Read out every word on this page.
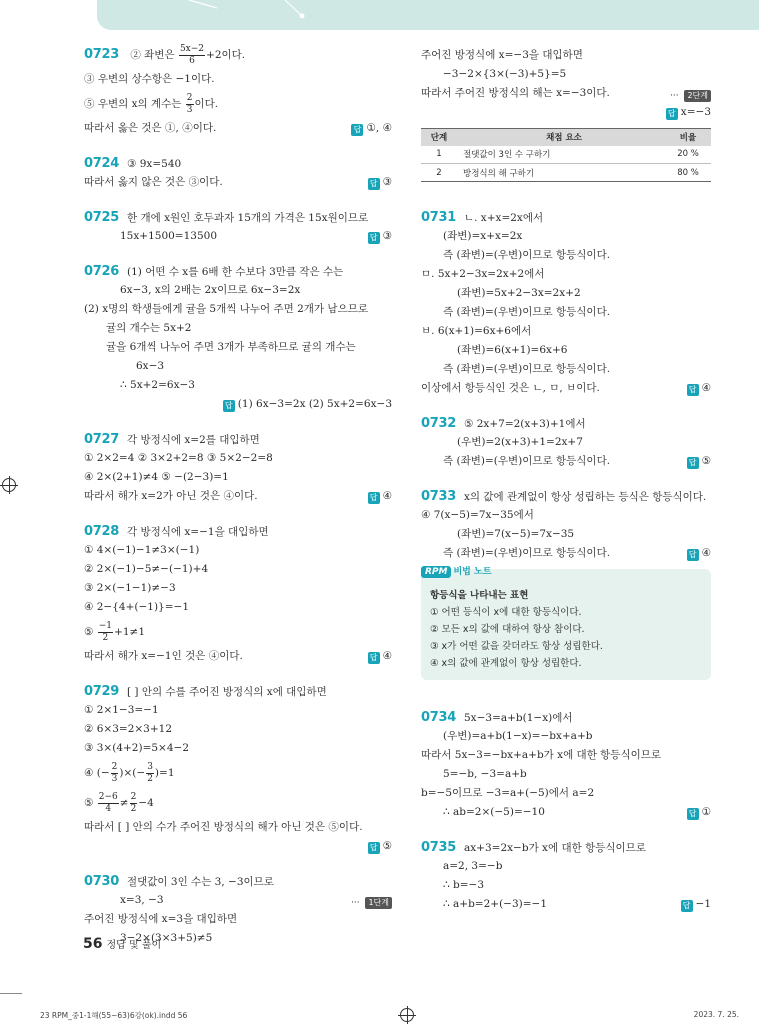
0723 ② 좌변은 $\frac{5x-2}{6} +2$이다.
③ 우변의 상수항은 −1이다.
⑤ 우변의 x의 계수는 $\frac{2}{3}$ 이다.
따라서 옳은 것은 ①, ④이다.	답 ①, ④
0724 ③ 9x=540
따라서 옳지 않은 것은 ③이다.	답 ③
0725 한 개에 x원인 호두과자 15개의 가격은 15x원이므로
15x+1500=13500	답 ③
0726 (1) 어떤 수 x를 6배 한 수보다 3만큼 작은 수는
6x−3, x의 2배는 2x이므로 6x−3=2x
(2) x명의 학생들에게 귤을 5개씩 나누어 주면 2개가 남으므로
귤의 개수는 5x+2
귤을 6개씩 나누어 주면 3개가 부족하므로 귤의 개수는
6x−3
∴ 5x+2=6x−3
답 (1) 6x−3=2x (2) 5x+2=6x−3
0727 각 방정식에 x=2를 대입하면
① 2×2=4 ② 3×2+2=8 ③ 5×2−2=8
④ 2×(2+1)≠4 ⑤ −(2−3)=1
따라서 해가 x=2가 아닌 것은 ④이다.	답 ④
0728 각 방정식에 x=−1을 대입하면
① 4×(−1)−1≠3×(−1)
② 2×(−1)−5≠−(−1)+4
③ 2×(−1−1)≠−3
④ 2−{4+(−1)}=−1
⑤ $\frac{-1}{2} +1\ne 1$
따라서 해가 x=−1인 것은 ④이다.	답 ④
0729 [ ] 안의 수를 주어진 방정식의 x에 대입하면
① 2×1−3=−1
② 6×3=2×3+12
③ 3×(4+2)=5×4−2
④ (− $\frac{2}{3}$ )×(− $\frac{3}{2} )=1$
⑤ $\frac{2-6}{4} \ne \frac{2}{2} -4$
따라서 [ ] 안의 수가 주어진 방정식의 해가 아닌 것은 ⑤이다.
답 ⑤
0730 절댓값이 3인 수는 3, −3이므로
x=3, −3	··· 1단계
주어진 방정식에 x=3을 대입하면
3−2×(3×3+5)≠5
주어진 방정식에 x=−3을 대입하면
−3−2×{3×(−3)+5}=5
따라서 주어진 방정식의 해는 x=−3이다.	··· 2단계
답 x=−3
단계	채점 요소	비율
1	절댓값이 3인 수 구하기	20 %
2	방정식의 해 구하기	80 %
0731 ㄴ. x+x=2x에서
(좌변)=x+x=2x
즉 (좌변)=(우변)이므로 항등식이다.
ㅁ. 5x+2−3x=2x+2에서
(좌변)=5x+2−3x=2x+2
즉 (좌변)=(우변)이므로 항등식이다.
ㅂ. 6(x+1)=6x+6에서
(좌변)=6(x+1)=6x+6
즉 (좌변)=(우변)이므로 항등식이다.
이상에서 항등식인 것은 ㄴ, ㅁ, ㅂ이다.	답 ④
0732 ⑤ 2x+7=2(x+3)+1에서
(우변)=2(x+3)+1=2x+7
즉 (좌변)=(우변)이므로 항등식이다.	답 ⑤
0733 x의 값에 관계없이 항상 성립하는 등식은 항등식이다.
④ 7(x−5)=7x−35에서
(좌변)=7(x−5)=7x−35
즉 (좌변)=(우변)이므로 항등식이다.	답 ④
RPM 비법 노트
항등식을 나타내는 표현
① 어떤 등식이 x에 대한 항등식이다.
② 모든 x의 값에 대하여 항상 참이다.
③ x가 어떤 값을 갖더라도 항상 성립한다.
④ x의 값에 관계없이 항상 성립한다.
0734 5x−3=a+b(1−x)에서
(우변)=a+b(1−x)=−bx+a+b
따라서 5x−3=−bx+a+b가 x에 대한 항등식이므로
5=−b, −3=a+b
b=−5이므로 −3=a+(−5)에서 a=2
∴ ab=2×(−5)=−10	답 ①
0735 ax+3=2x−b가 x에 대한 항등식이므로
a=2, 3=−b
∴ b=−3
∴ a+b=2+(−3)=−1	답 −1
56 정답 및 풀이
23 RPM_중1-1해(55~63)6강(ok).indd 56	2023. 7. 25.
